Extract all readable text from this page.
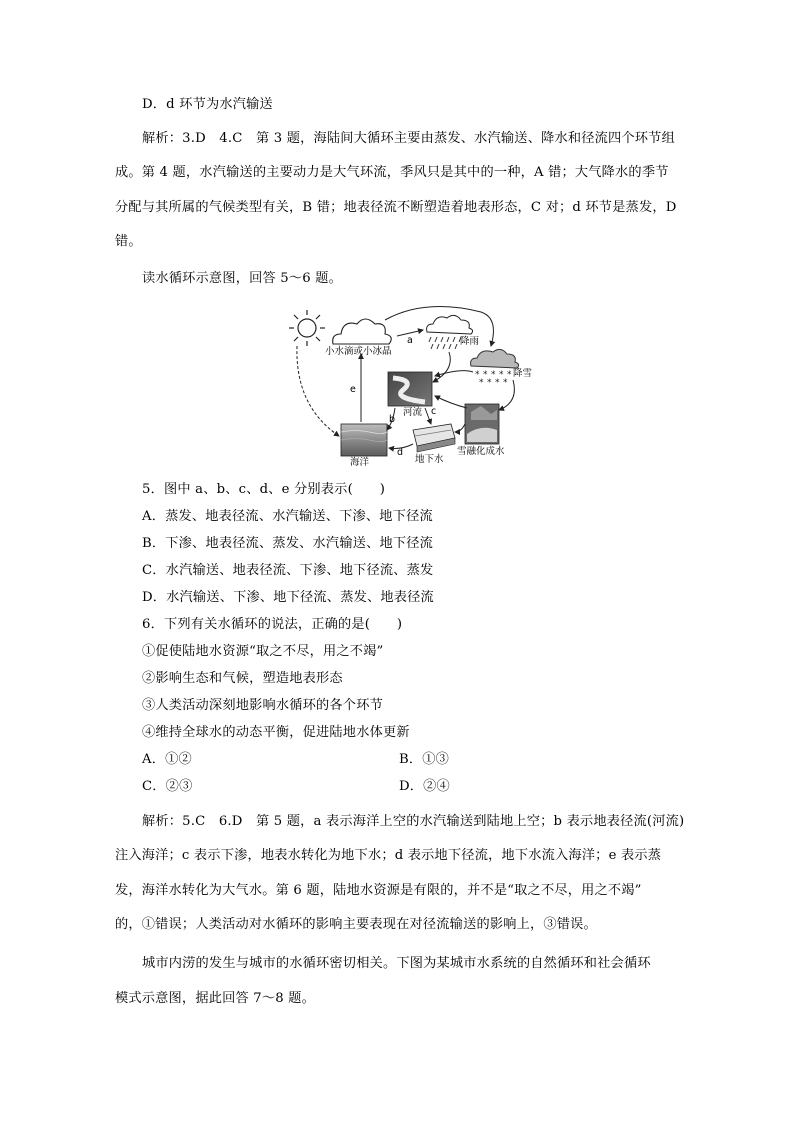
D．d 环节为水汽输送
解析：3.D　4.C　第 3 题，海陆间大循环主要由蒸发、水汽输送、降水和径流四个环节组
成。第 4 题，水汽输送的主要动力是大气环流，季风只是其中的一种，A 错；大气降水的季节
分配与其所属的气候类型有关，B 错；地表径流不断塑造着地表形态，C 对；d 环节是蒸发，D
错。
读水循环示意图，回答 5～6 题。
* * * * *
* * * *
小水滴或小冰晶
降雨
降雪
河流
海洋	地下水
雪融化成水
a
b
c
d
e
5．图中 a、b、c、d、e 分别表示(　　)
A．蒸发、地表径流、水汽输送、下渗、地下径流
B．下渗、地表径流、蒸发、水汽输送、地下径流
C．水汽输送、地表径流、下渗、地下径流、蒸发
D．水汽输送、下渗、地下径流、蒸发、地表径流
6．下列有关水循环的说法，正确的是(　　)
①促使陆地水资源“取之不尽，用之不竭”
②影响生态和气候，塑造地表形态
③人类活动深刻地影响水循环的各个环节
④维持全球水的动态平衡，促进陆地水体更新
A．①②	B．①③
C．②③	D．②④
解析：5.C　6.D　第 5 题，a 表示海洋上空的水汽输送到陆地上空；b 表示地表径流(河流)
注入海洋；c 表示下渗，地表水转化为地下水；d 表示地下径流，地下水流入海洋；e 表示蒸
发，海洋水转化为大气水。第 6 题，陆地水资源是有限的，并不是“取之不尽，用之不竭”
的，①错误；人类活动对水循环的影响主要表现在对径流输送的影响上，③错误。
城市内涝的发生与城市的水循环密切相关。下图为某城市水系统的自然循环和社会循环
模式示意图，据此回答 7～8 题。
